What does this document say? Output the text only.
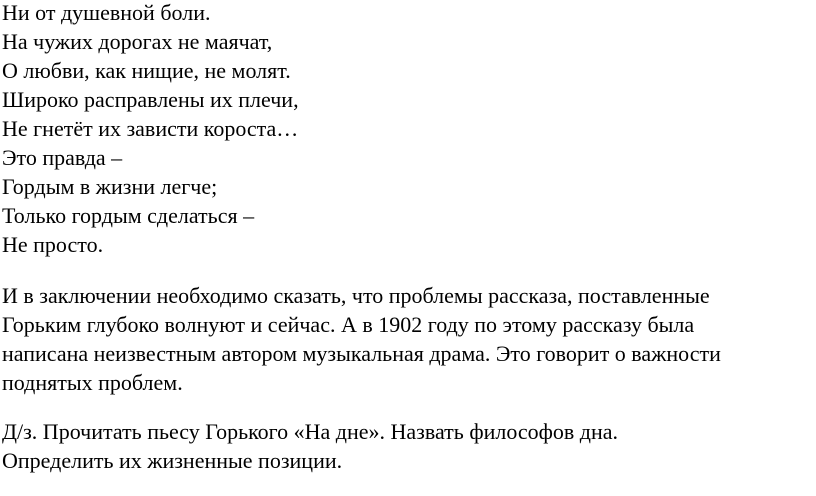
Ни от душевной боли.
На чужих дорогах не маячат,
О любви, как нищие, не молят.
Широко расправлены их плечи,
Не гнетёт их зависти короста…
Это правда –
Гордым в жизни легче;
Только гордым сделаться –
Не просто.
И в заключении необходимо сказать, что проблемы рассказа, поставленные
Горьким глубоко волнуют и сейчас. А в 1902 году по этому рассказу была
написана неизвестным автором музыкальная драма. Это говорит о важности
поднятых проблем.
Д/з. Прочитать пьесу Горького «На дне». Назвать философов дна.
Определить их жизненные позиции.
